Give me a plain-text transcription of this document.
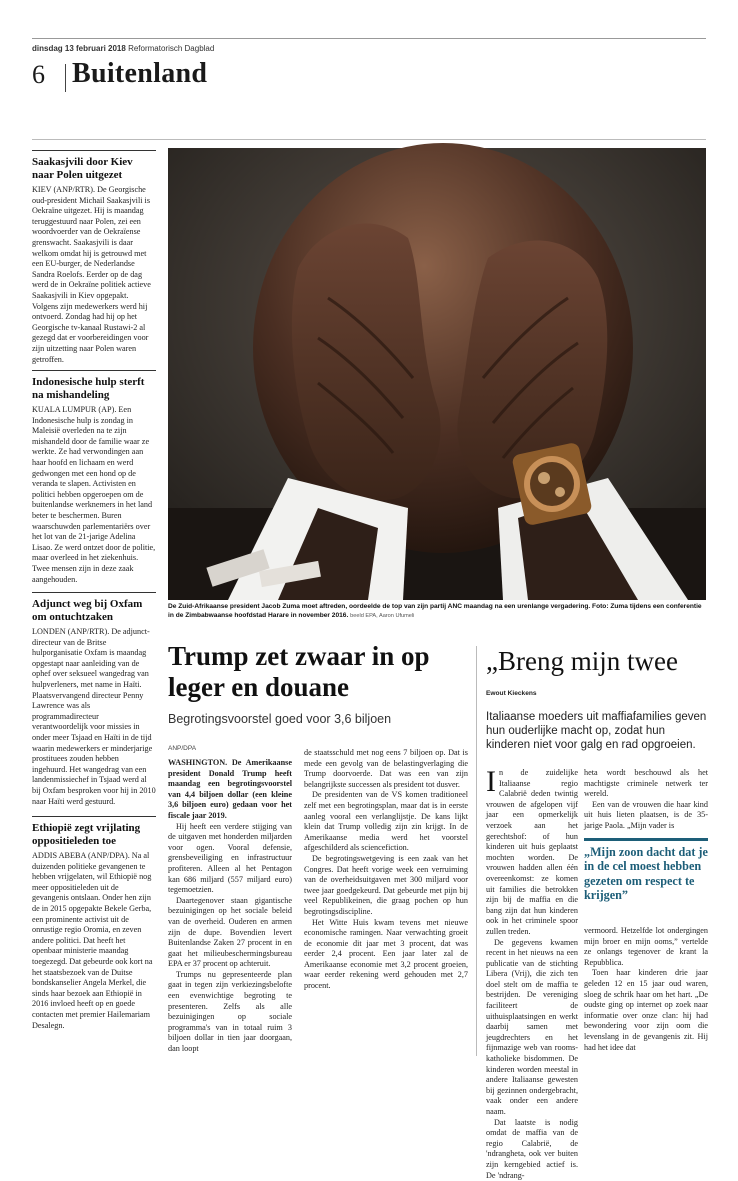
dinsdag 13 februari 2018 Reformatorisch Dagblad
6 Buitenland
Saakasjvili door Kiev naar Polen uitgezet
KIEV (ANP/RTR). De Georgische oud-president Michail Saakasjvili is Oekraïne uitgezet. Hij is maandag teruggestuurd naar Polen, zei een woordvoerder van de Oekraïense grenswacht. Saakasjvili is daar welkom omdat hij is getrouwd met een EU-burger, de Nederlandse Sandra Roelofs. Eerder op de dag werd de in Oekraïne politiek actieve Saakasjvili in Kiev opgepakt. Volgens zijn medewerkers werd hij ontvoerd. Zondag had hij op het Georgische tv-kanaal Rustawi-2 al gezegd dat er voorbereidingen voor zijn uitzetting naar Polen waren getroffen.
Indonesische hulp sterft na mishandeling
KUALA LUMPUR (AP). Een Indonesische hulp is zondag in Maleisië overleden na te zijn mishandeld door de familie waar ze werkte. Ze had verwondingen aan haar hoofd en lichaam en werd gedwongen met een hond op de veranda te slapen. Activisten en politici hebben opgeroepen om de buitenlandse werknemers in het land beter te beschermen. Buren waarschuwden parlementariërs over het lot van de 21-jarige Adelina Lisao. Ze werd ontzet door de politie, maar overleed in het ziekenhuis. Twee mensen zijn in deze zaak aangehouden.
Adjunct weg bij Oxfam om ontuchtzaken
LONDEN (ANP/RTR). De adjunct-directeur van de Britse hulporganisatie Oxfam is maandag opgestapt naar aanleiding van de ophef over seksueel wangedrag van hulpverleners, met name in Haïti. Plaatsvervangend directeur Penny Lawrence was als programmadirecteur verantwoordelijk voor missies in onder meer Tsjaad en Haïti in de tijd waarin medewerkers er minderjarige prostituees zouden hebben ingehuurd. Het wangedrag van een landenmissiechef in Tsjaad werd al bij Oxfam besproken voor hij in 2010 naar Haïti werd gestuurd.
Ethiopië zegt vrijlating oppositieleden toe
ADDIS ABEBA (ANP/DPA). Na al duizenden politieke gevangenen te hebben vrijgelaten, wil Ethiopië nog meer oppositieleden uit de gevangenis ontslaan. Onder hen zijn de in 2015 opgepakte Bekele Gerba, een prominente activist uit de onrustige regio Oromia, en zeven andere politici. Dat heeft het openbaar ministerie maandag toegezegd. Dat gebeurde ook kort na het staatsbezoek van de Duitse bondskanselier Angela Merkel, die sinds haar bezoek aan Ethiopië in 2016 invloed heeft op en goede contacten met premier Hailemariam Desalegn.
De Zuid-Afrikaanse president Jacob Zuma moet aftreden, oordeelde de top van zijn partij ANC maandag na een urenlange vergadering. Foto: Zuma tijdens een conferentie in de Zimbabwaanse hoofdstad Harare in november 2016. beeld EPA, Aaron Ufumeli
Trump zet zwaar in op leger en douane
Begrotingsvoorstel goed voor 3,6 biljoen
ANP/DPA

WASHINGTON. De Amerikaanse president Donald Trump heeft maandag een begrotingsvoorstel van 4,4 biljoen dollar (een kleine 3,6 biljoen euro) gedaan voor het fiscale jaar 2019.

Hij heeft een verdere stijging van de uitgaven met honderden miljarden voor ogen. Vooral defensie, grensbeveiliging en infrastructuur profiteren. Alleen al het Pentagon kan 686 miljard (557 miljard euro) tegemoetzien.

Daartegenover staan gigantische bezuinigingen op het sociale beleid van de overheid. Ouderen en armen zijn de dupe. Bovendien levert Buitenlandse Zaken 27 procent in en gaat het milieubeschermingsbureau EPA er 37 procent op achteruit.

Trumps nu gepresenteerde plan gaat in tegen zijn verkiezingsbelofte een evenwichtige begroting te presenteren. Zelfs als alle bezuinigingen op sociale programma's van in totaal ruim 3 biljoen dollar in tien jaar doorgaan, dan loopt

de staatsschuld met nog eens 7 biljoen op. Dat is mede een gevolg van de belastingverlaging die Trump doorvoerde. Dat was een van zijn belangrijkste successen als president tot dusver.

De presidenten van de VS komen traditioneel zelf met een begrotingsplan, maar dat is in eerste aanleg vooral een verlanglijstje. De kans lijkt klein dat Trump volledig zijn zin krijgt. In de Amerikaanse media werd het voorstel afgeschilderd als sciencefiction.

De begrotingswetgeving is een zaak van het Congres. Dat heeft vorige week een verruiming van de overheidsuitgaven met 300 miljard voor twee jaar goedgekeurd. Dat gebeurde met pijn bij veel Republikeinen, die graag pochen op hun begrotingsdiscipline.

Het Witte Huis kwam tevens met nieuwe economische ramingen. Naar verwachting groeit de economie dit jaar met 3 procent, dat was eerder 2,4 procent. Een jaar later zal de Amerikaanse economie met 3,2 procent groeien, waar eerder rekening werd gehouden met 2,7 procent.

„Breng mijn twee
Ewout Kieckens
Italiaanse moeders uit maffiafamilies geven hun ouderlijke macht op, zodat hun kinderen niet voor galg en rad opgroeien.

In de zuidelijke Italiaanse regio Calabrië deden twintig vrouwen de afgelopen vijf jaar een opmerkelijk verzoek aan het gerechtshof: of hun kinderen uit huis geplaatst mochten worden. De vrouwen hadden allen één overeenkomst: ze komen uit families die betrokken zijn bij de maffia en die bang zijn dat hun kinderen ook in het criminele spoor zullen treden.

De gegevens kwamen recent in het nieuws na een publicatie van de stichting Libera (Vrij), die zich ten doel stelt om de maffia te bestrijden. De vereniging faciliteert de uithuisplaatsingen en werkt daarbij samen met jeugdrechters en het fijnmazige web van rooms-katholieke bisdommen. De kinderen worden meestal in andere Italiaanse gewesten bij gezinnen ondergebracht, vaak onder een andere naam.

Dat laatste is nodig omdat de maffia van de regio Calabrië, de 'ndrangheta, ook ver buiten zijn kerngebied actief is. De 'ndrang-

heta wordt beschouwd als het machtigste criminele netwerk ter wereld.

Een van de vrouwen die haar kind uit huis lieten plaatsen, is de 35-jarige Paola. „Mijn vader is

„Mijn zoon dacht dat je in de cel moest hebben gezeten om respect te krijgen”

vermoord. Hetzelfde lot ondergingen mijn broer en mijn ooms,” vertelde ze onlangs tegenover de krant la Repubblica.

Toen haar kinderen drie jaar geleden 12 en 15 jaar oud waren, sloeg de schrik haar om het hart. „De oudste ging op internet op zoek naar informatie over onze clan: hij had bewondering voor zijn oom die levenslang in de gevangenis zit. Hij had het idee dat
